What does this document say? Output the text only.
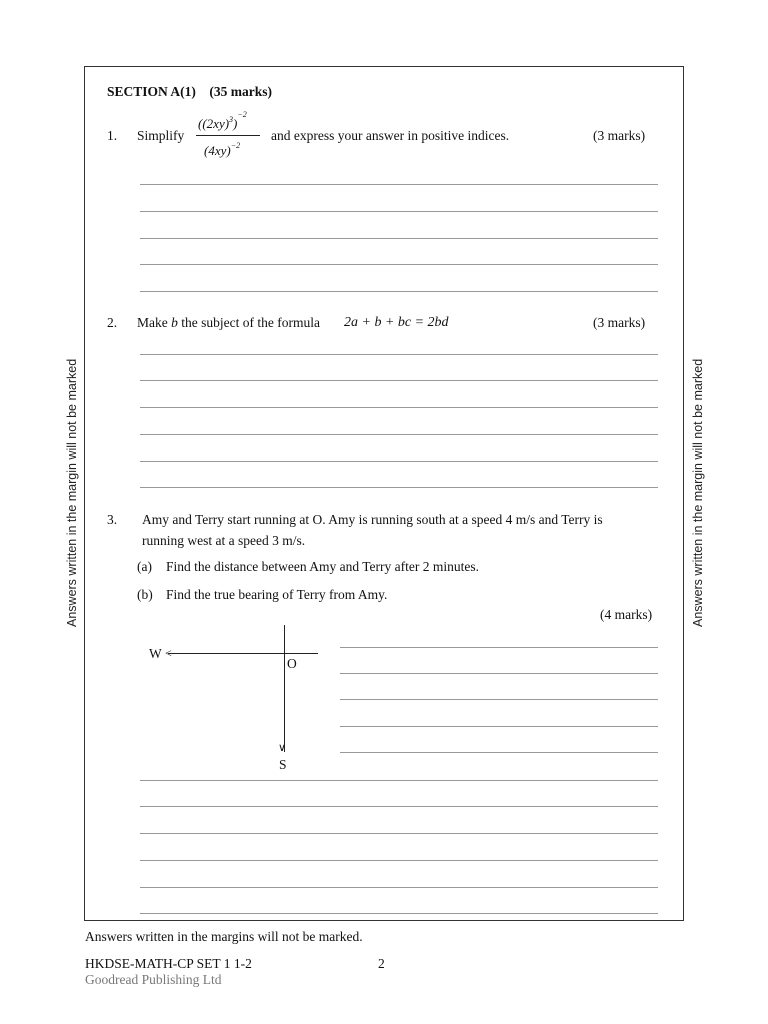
Answers written in the margin will not be marked	Answers written in the margin will not be marked
SECTION A(1) (35 marks)
1. Simplify
$((2xy)^3)^{-2}$
$(4xy)^{-2}$
and express your answer in positive indices.	(3 marks)
2. Make b the subject of the formula 2a + b + bc = 2bd	(3 marks)
3. Amy and Terry start running at O. Amy is running south at a speed 4 m/s and Terry is
running west at a speed 3 m/s.
(a) Find the distance between Amy and Terry after 2 minutes.
(b) Find the true bearing of Terry from Amy.
(4 marks)
<
∨
W
O
S
Answers written in the margins will not be marked.
HKDSE-MATH-CP SET 1 1-2	2
Goodread Publishing Ltd
